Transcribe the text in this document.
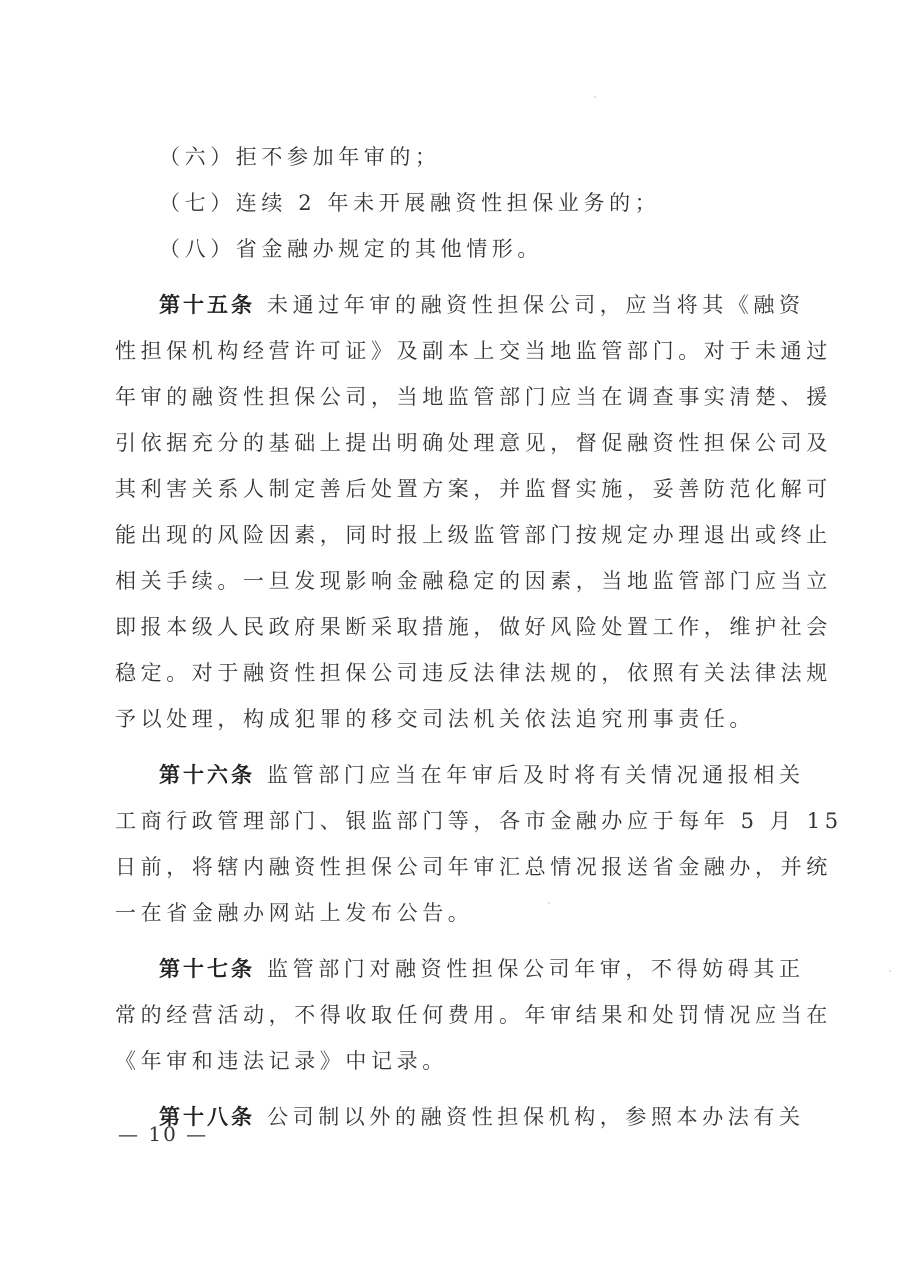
（六）拒不参加年审的；
（七）连续 2 年未开展融资性担保业务的；
（八）省金融办规定的其他情形。
第十五条 未通过年审的融资性担保公司，应当将其《融资
性担保机构经营许可证》及副本上交当地监管部门。对于未通过
年审的融资性担保公司，当地监管部门应当在调查事实清楚、援
引依据充分的基础上提出明确处理意见，督促融资性担保公司及
其利害关系人制定善后处置方案，并监督实施，妥善防范化解可
能出现的风险因素，同时报上级监管部门按规定办理退出或终止
相关手续。一旦发现影响金融稳定的因素，当地监管部门应当立
即报本级人民政府果断采取措施，做好风险处置工作，维护社会
稳定。对于融资性担保公司违反法律法规的，依照有关法律法规
予以处理，构成犯罪的移交司法机关依法追究刑事责任。
第十六条 监管部门应当在年审后及时将有关情况通报相关
工商行政管理部门、银监部门等，各市金融办应于每年 5 月 15
日前，将辖内融资性担保公司年审汇总情况报送省金融办，并统
一在省金融办网站上发布公告。
第十七条 监管部门对融资性担保公司年审，不得妨碍其正
常的经营活动，不得收取任何费用。年审结果和处罚情况应当在
《年审和违法记录》中记录。
第十八条 公司制以外的融资性担保机构，参照本办法有关
— 10 —
